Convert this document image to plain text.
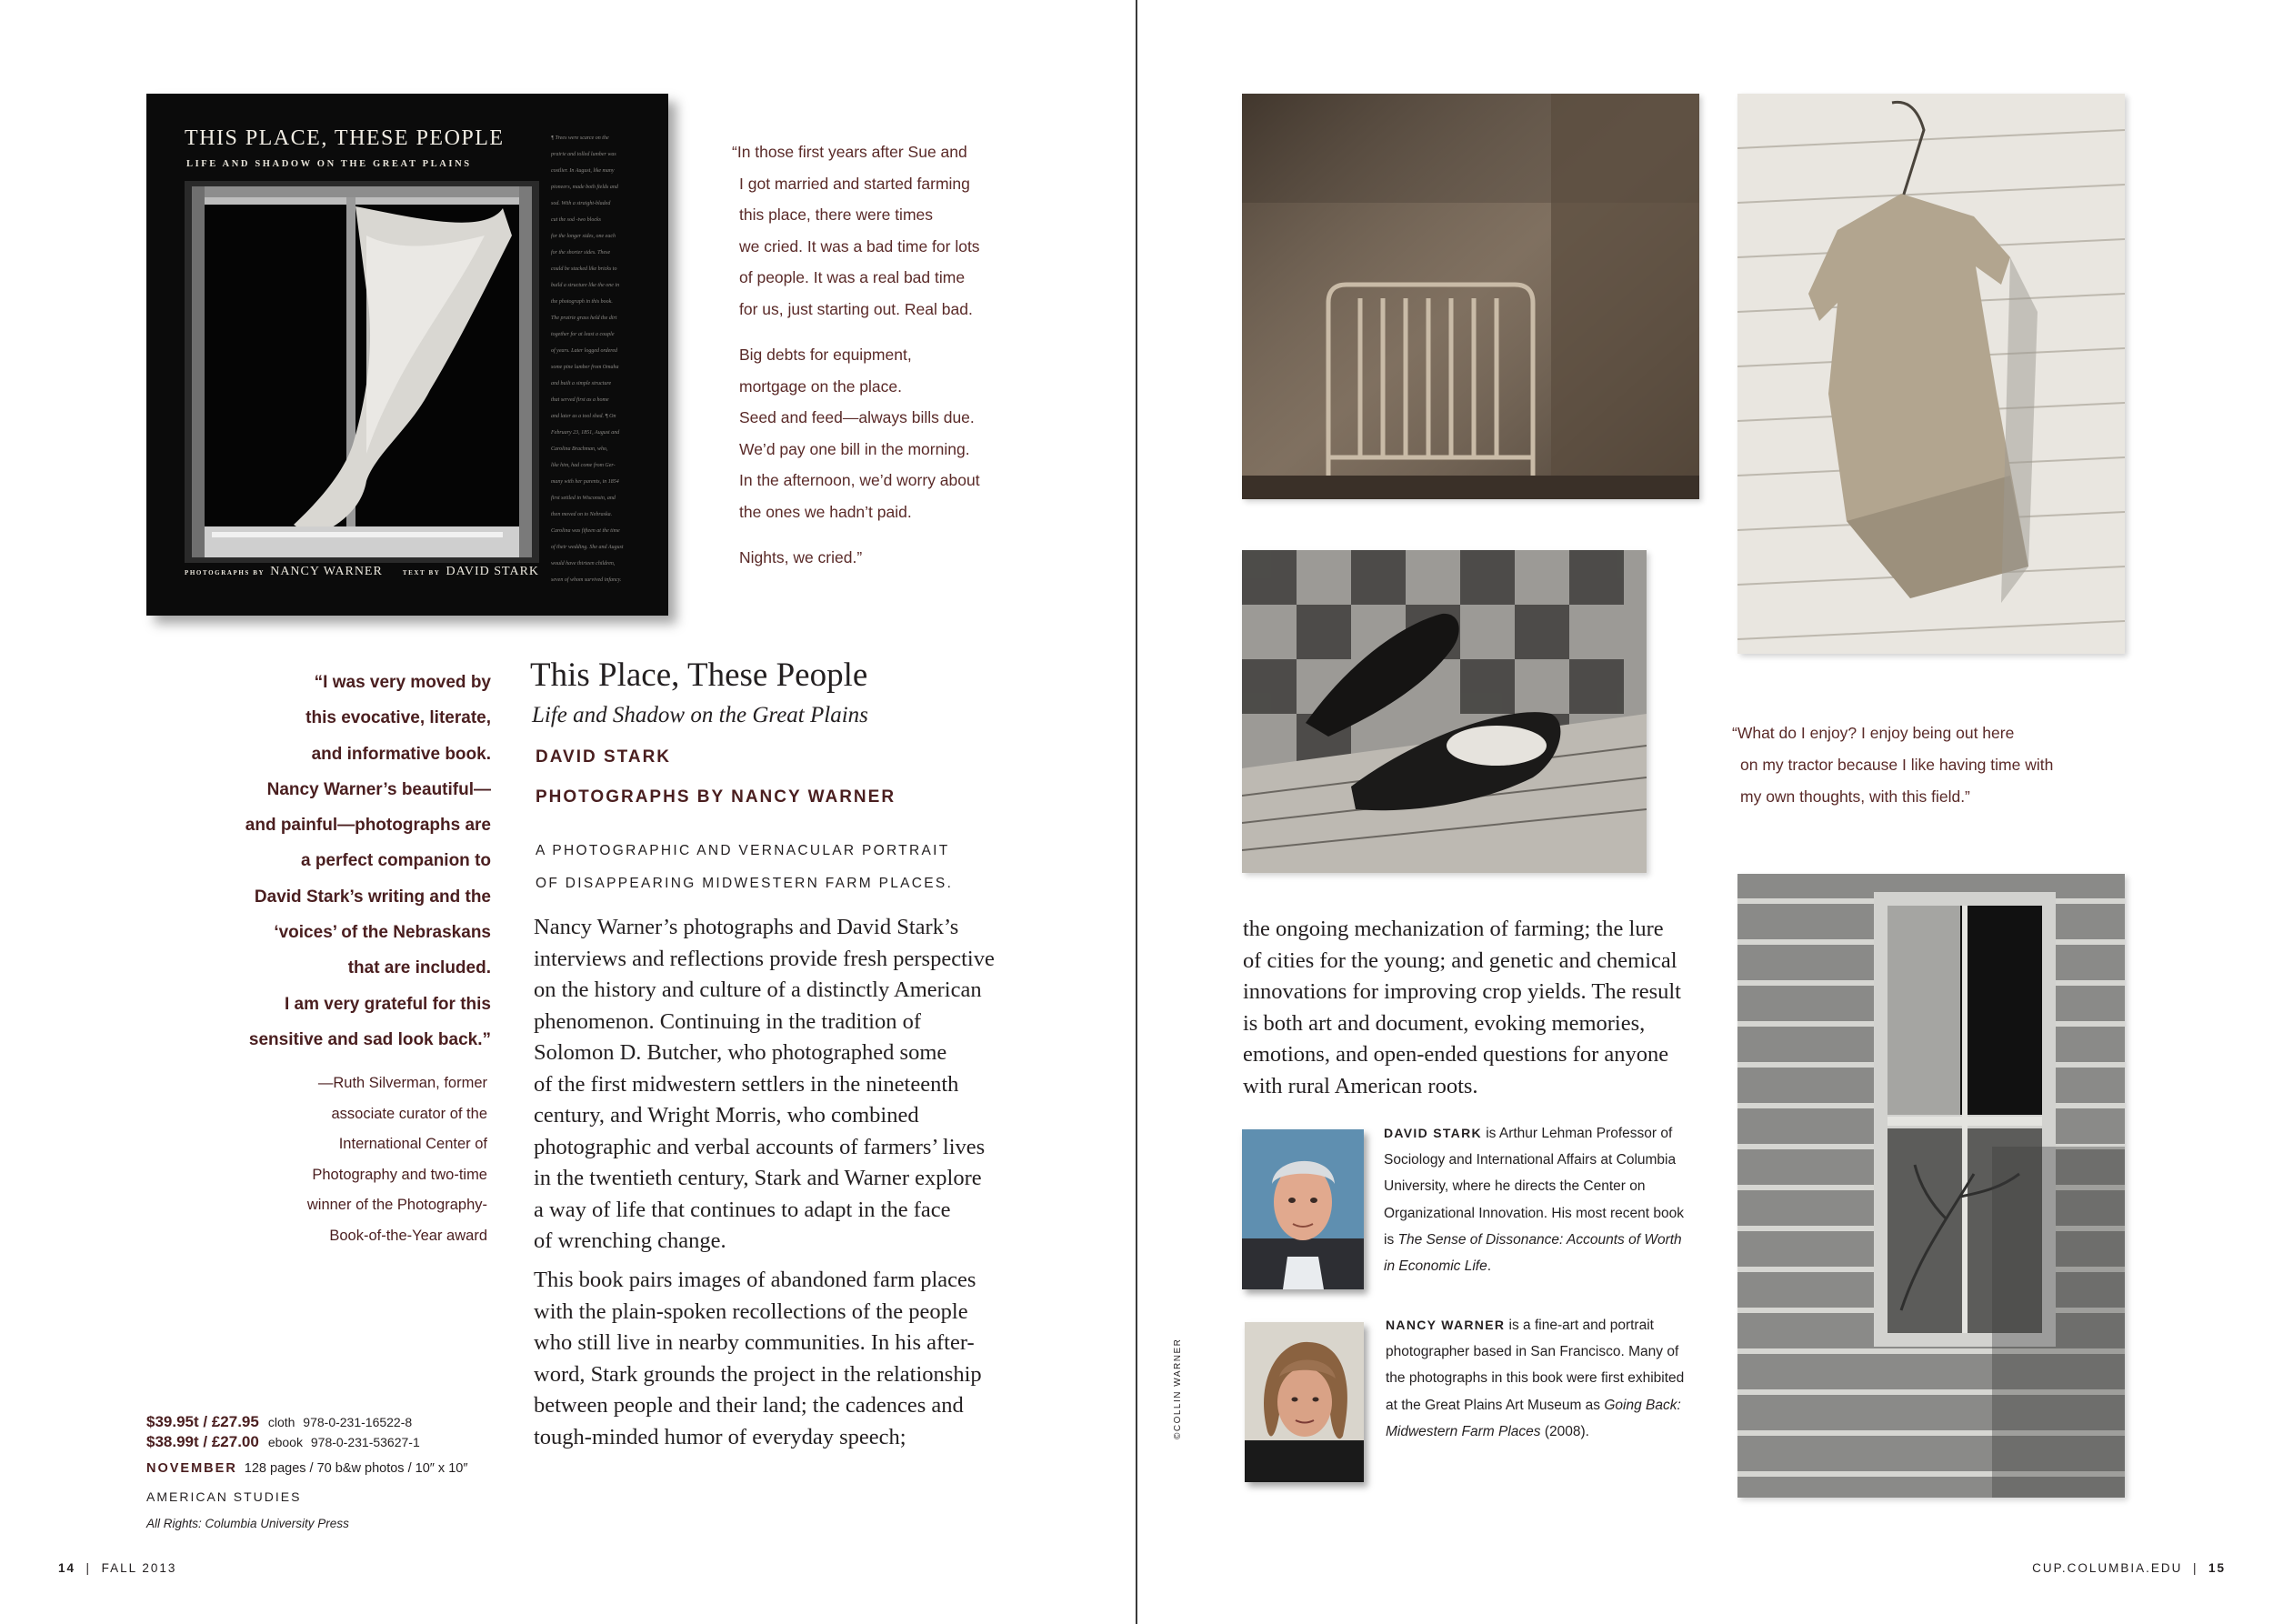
THIS PLACE, THESE PEOPLE
LIFE AND SHADOW ON THE GREAT PLAINS
¶ Trees were scarce on the
prairie and tolled lumber was
costlier. In August, like many
pioneers, made both fields and
sod. With a straight-bladed
cut the sod -two blocks
for the longer sides, one each
for the shorter sides. These
could be stacked like bricks to
build a structure like the one in
the photograph in this book.
The prairie grass held the dirt
together for at least a couple
of years. Later logged ordered
some pine lumber from Omaha
and built a simple structure
that served first as a home
and later as a tool shed. ¶ On
February 23, 1851, August and
Carolina Brachman, who,
like him, had come from Ger-
many with her parents, in 1854
first settled in Wisconsin, and
then moved on to Nebraska.
Carolina was fifteen at the time
of their wedding. She and August
would have thirteen children,
seven of whom survived infancy.
PHOTOGRAPHS BY NANCY WARNER	TEXT BY DAVID STARK

“In those first years after Sue and
I got married and started farming
this place, there were times
we cried. It was a bad time for lots
of people. It was a real bad time
for us, just starting out. Real bad.

Big debts for equipment,
mortgage on the place.
Seed and feed—always bills due.
We’d pay one bill in the morning.
In the afternoon, we’d worry about
the ones we hadn’t paid.

Nights, we cried.”

“I was very moved by
this evocative, literate,
and informative book.
Nancy Warner’s beautiful—
and painful—photographs are
a perfect companion to
David Stark’s writing and the
‘voices’ of the Nebraskans
that are included.
I am very grateful for this
sensitive and sad look back.”
—Ruth Silverman, former
associate curator of the
International Center of
Photography and two-time
winner of the Photography-
Book-of-the-Year award
This Place, These People
Life and Shadow on the Great Plains
DAVID STARK
PHOTOGRAPHS BY NANCY WARNER
A PHOTOGRAPHIC AND VERNACULAR PORTRAIT
OF DISAPPEARING MIDWESTERN FARM PLACES.
Nancy Warner’s photographs and David Stark’s
interviews and reflections provide fresh perspective
on the history and culture of a distinctly American
phenomenon. Continuing in the tradition of
Solomon D. Butcher, who photographed some
of the first midwestern settlers in the nineteenth
century, and Wright Morris, who combined
photographic and verbal accounts of farmers’ lives
in the twentieth century, Stark and Warner explore
a way of life that continues to adapt in the face
of wrenching change.
This book pairs images of abandoned farm places
with the plain-spoken recollections of the people
who still live in nearby communities. In his after-
word, Stark grounds the project in the relationship
between people and their land; the cadences and
tough-minded humor of everyday speech;
the ongoing mechanization of farming; the lure
of cities for the young; and genetic and chemical
innovations for improving crop yields. The result
is both art and document, evoking memories,
emotions, and open-ended questions for anyone
with rural American roots.
$39.95t / £27.95 cloth 978-0-231-16522-8
$38.99t / £27.00 ebook 978-0-231-53627-1
NOVEMBER 128 pages / 70 b&w photos / 10″ x 10″
AMERICAN STUDIES
All Rights: Columbia University Press
14 | FALL 2013	CUP.COLUMBIA.EDU | 15
“What do I enjoy? I enjoy being out here
on my tractor because I like having time with
my own thoughts, with this field.”
©COLLIN WARNER
DAVID STARK is Arthur Lehman Professor of
Sociology and International Affairs at Columbia
University, where he directs the Center on
Organizational Innovation. His most recent book
is The Sense of Dissonance: Accounts of Worth
in Economic Life.
NANCY WARNER is a fine-art and portrait
photographer based in San Francisco. Many of
the photographs in this book were first exhibited
at the Great Plains Art Museum as Going Back:
Midwestern Farm Places (2008).
